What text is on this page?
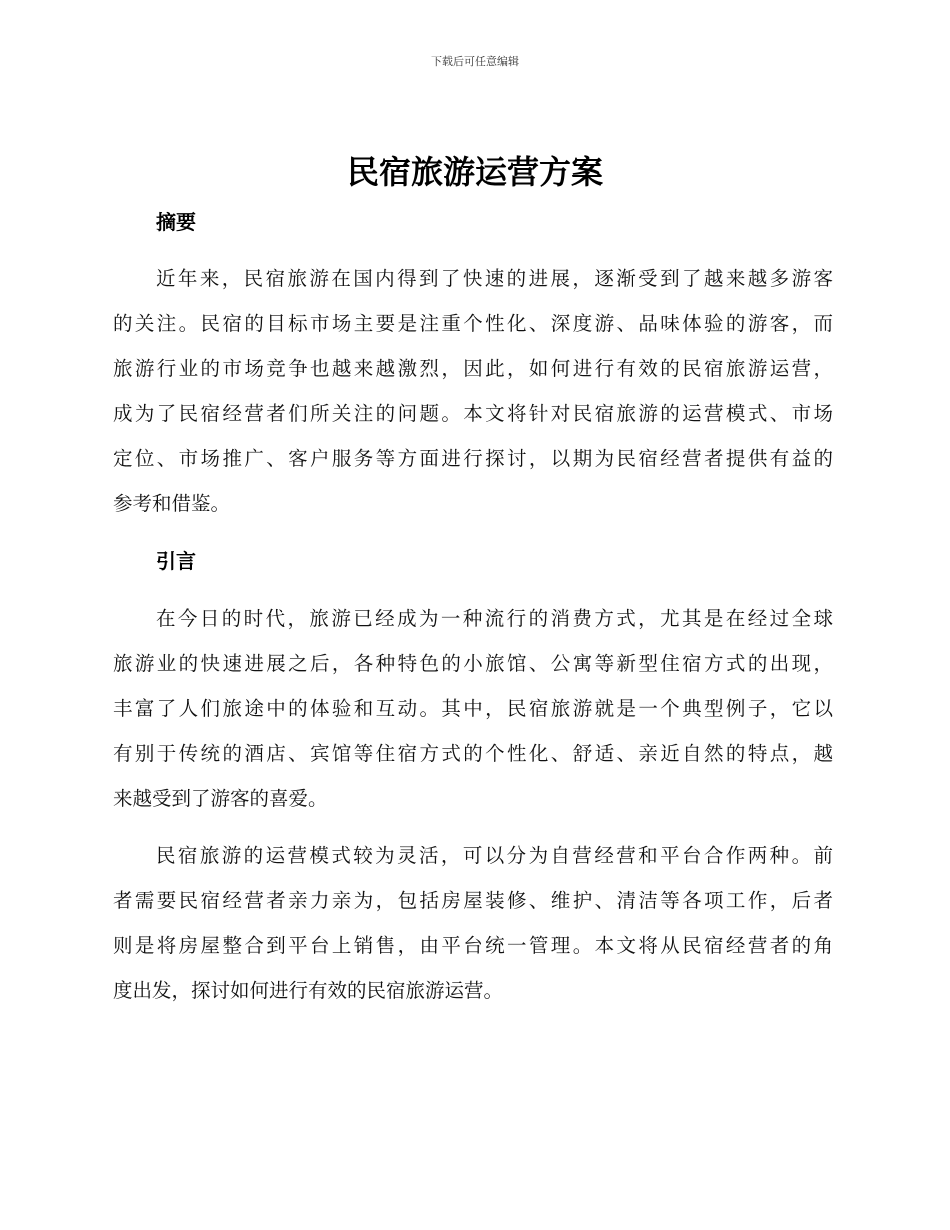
下载后可任意编辑
民宿旅游运营方案
摘要

近年来，民宿旅游在国内得到了快速的进展，逐渐受到了越来越多游客
的关注。民宿的目标市场主要是注重个性化、深度游、品味体验的游客，而
旅游行业的市场竞争也越来越激烈，因此，如何进行有效的民宿旅游运营，
成为了民宿经营者们所关注的问题。本文将针对民宿旅游的运营模式、市场
定位、市场推广、客户服务等方面进行探讨，以期为民宿经营者提供有益的
参考和借鉴。

引言

在今日的时代，旅游已经成为一种流行的消费方式，尤其是在经过全球
旅游业的快速进展之后，各种特色的小旅馆、公寓等新型住宿方式的出现，
丰富了人们旅途中的体验和互动。其中，民宿旅游就是一个典型例子，它以
有别于传统的酒店、宾馆等住宿方式的个性化、舒适、亲近自然的特点，越
来越受到了游客的喜爱。

民宿旅游的运营模式较为灵活，可以分为自营经营和平台合作两种。前
者需要民宿经营者亲力亲为，包括房屋装修、维护、清洁等各项工作，后者
则是将房屋整合到平台上销售，由平台统一管理。本文将从民宿经营者的角
度出发，探讨如何进行有效的民宿旅游运营。
